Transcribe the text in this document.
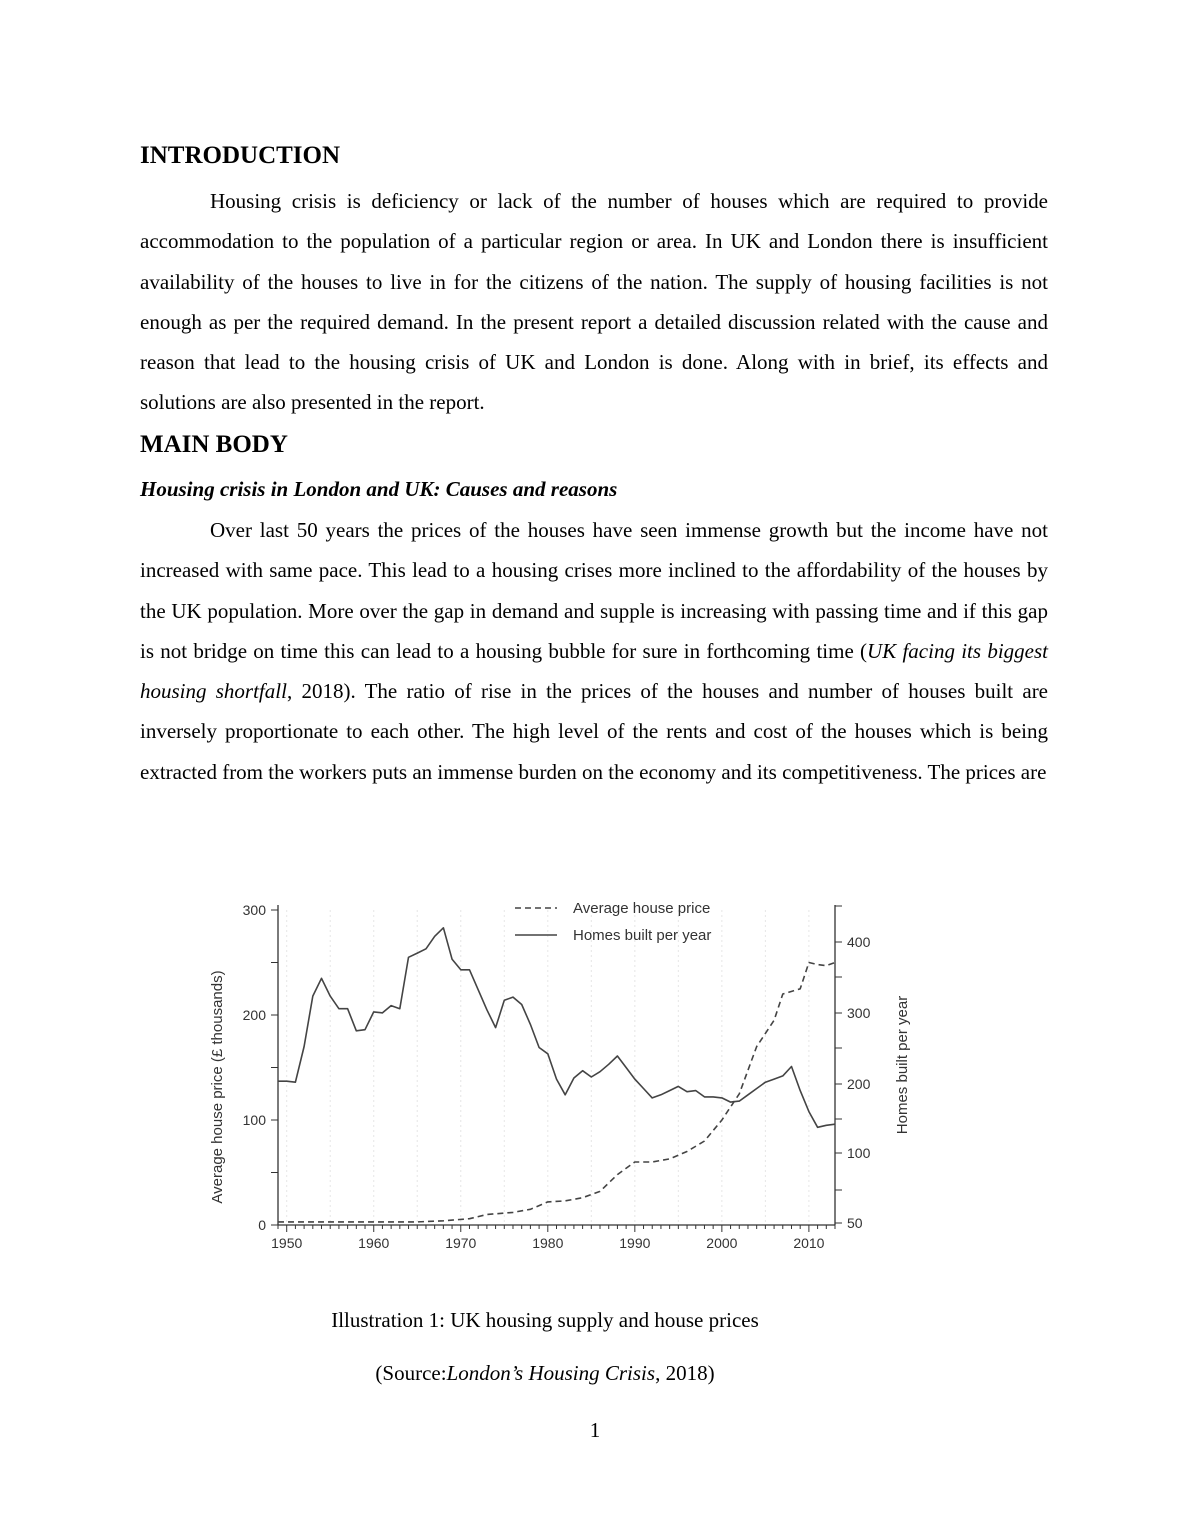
INTRODUCTION

Housing crisis is deficiency or lack of the number of houses which are required to provide accommodation to the population of a particular region or area. In UK and London there is insufficient availability of the houses to live in for the citizens of the nation. The supply of housing facilities is not enough as per the required demand. In the present report a detailed discussion related with the cause and reason that lead to the housing crisis of UK and London is done. Along with in brief, its effects and solutions are also presented in the report.

MAIN BODY
Housing crisis in London and UK: Causes and reasons

Over last 50 years the prices of the houses have seen immense growth but the income have not increased with same pace. This lead to a housing crises more inclined to the affordability of the houses by the UK population. More over the gap in demand and supple is increasing with passing time and if this gap is not bridge on time this can lead to a housing bubble for sure in forthcoming time (UK facing its biggest housing shortfall, 2018). The ratio of rise in the prices of the houses and number of houses built are inversely proportionate to each other. The high level of the rents and cost of the houses which is being extracted from the workers puts an immense burden on the economy and its competitiveness. The prices are

1950	1960	1970	1980	1990	2000	2010
0
100
200
300
50
100
200
300
400
Average house price
Homes built per year
Average house price (£ thousands)	Homes built per year

Illustration 1: UK housing supply and house prices

(Source:London’s Housing Crisis, 2018)

1
